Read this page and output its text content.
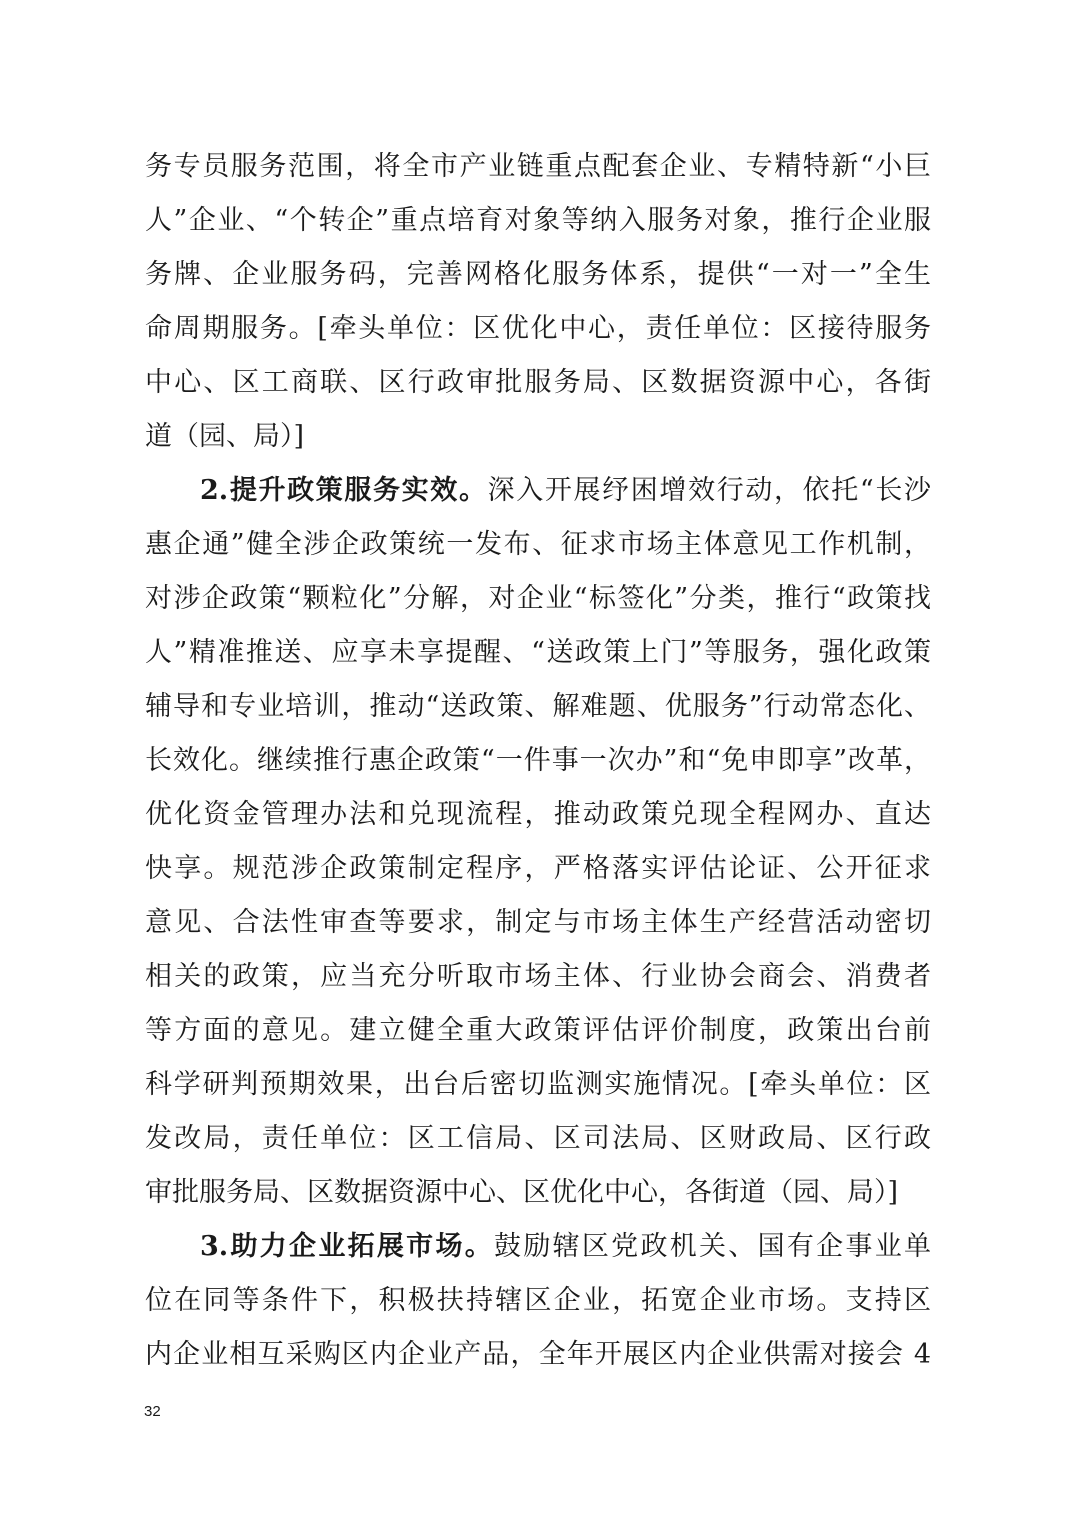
务专员服务范围，将全市产业链重点配套企业、专精特新“小巨
人”企业、“个转企”重点培育对象等纳入服务对象，推行企业服
务牌、企业服务码，完善网格化服务体系，提供“一对一”全生
命周期服务。[牵头单位：区优化中心，责任单位：区接待服务
中心、区工商联、区行政审批服务局、区数据资源中心，各街
道（园、局）]
2.提升政策服务实效。深入开展纾困增效行动，依托“长沙
惠企通”健全涉企政策统一发布、征求市场主体意见工作机制，
对涉企政策“颗粒化”分解，对企业“标签化”分类，推行“政策找
人”精准推送、应享未享提醒、“送政策上门”等服务，强化政策
辅导和专业培训，推动“送政策、解难题、优服务”行动常态化、
长效化。继续推行惠企政策“一件事一次办”和“免申即享”改革，
优化资金管理办法和兑现流程，推动政策兑现全程网办、直达
快享。规范涉企政策制定程序，严格落实评估论证、公开征求
意见、合法性审查等要求，制定与市场主体生产经营活动密切
相关的政策，应当充分听取市场主体、行业协会商会、消费者
等方面的意见。建立健全重大政策评估评价制度，政策出台前
科学研判预期效果，出台后密切监测实施情况。[牵头单位：区
发改局，责任单位：区工信局、区司法局、区财政局、区行政
审批服务局、区数据资源中心、区优化中心，各街道（园、局）]
3.助力企业拓展市场。鼓励辖区党政机关、国有企事业单
位在同等条件下，积极扶持辖区企业，拓宽企业市场。支持区
内企业相互采购区内企业产品，全年开展区内企业供需对接会 4
32
